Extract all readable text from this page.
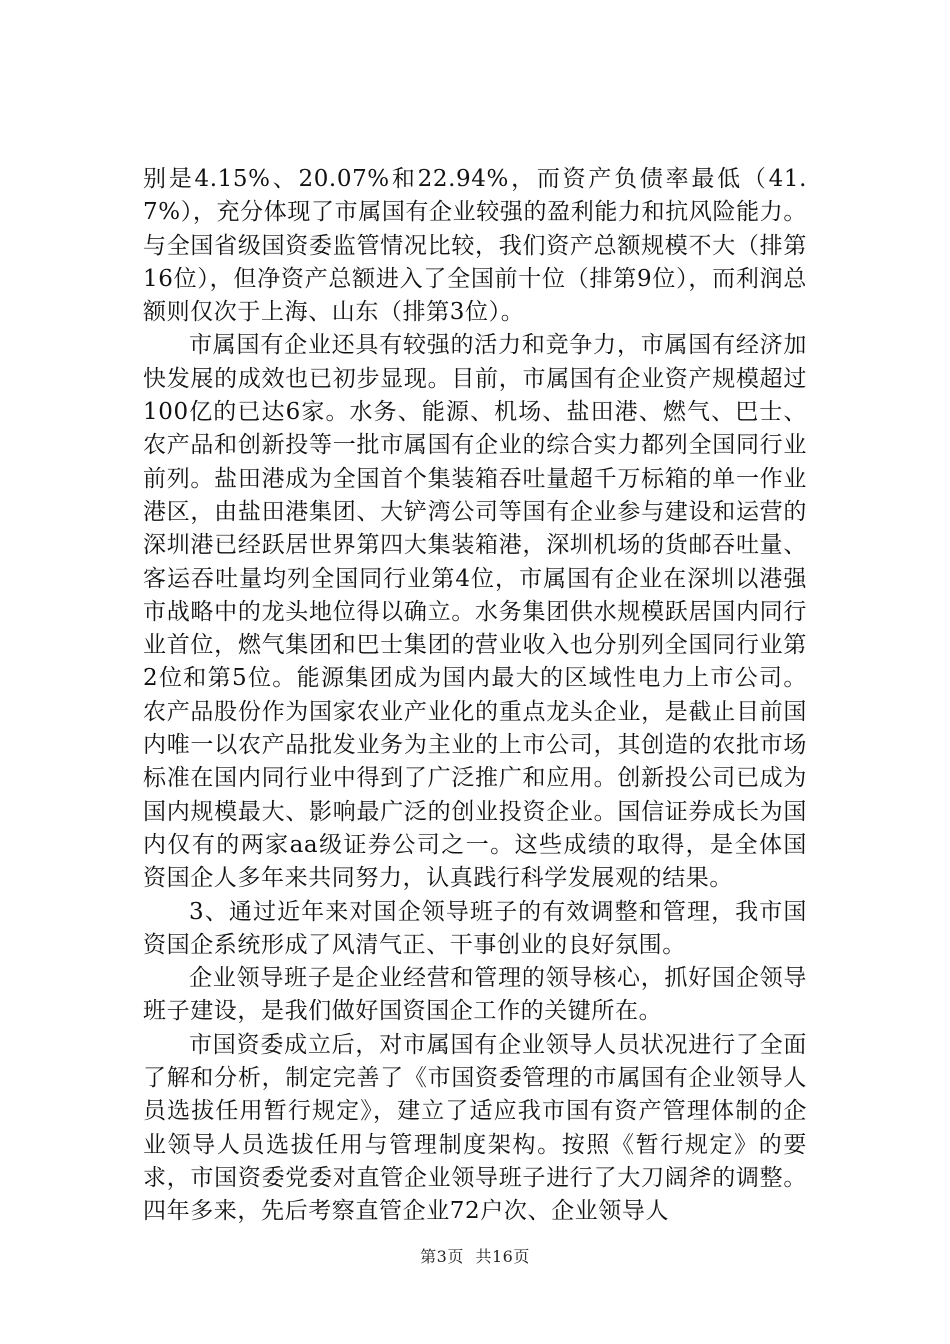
别是4.15%、20.07%和22.94%，而资产负债率最低（41.7%），充分体现了市属国有企业较强的盈利能力和抗风险能力。与全国省级国资委监管情况比较，我们资产总额规模不大（排第16位），但净资产总额进入了全国前十位（排第9位），而利润总额则仅次于上海、山东（排第3位）。

市属国有企业还具有较强的活力和竞争力，市属国有经济加快发展的成效也已初步显现。目前，市属国有企业资产规模超过100亿的已达6家。水务、能源、机场、盐田港、燃气、巴士、农产品和创新投等一批市属国有企业的综合实力都列全国同行业前列。盐田港成为全国首个集装箱吞吐量超千万标箱的单一作业港区，由盐田港集团、大铲湾公司等国有企业参与建设和运营的深圳港已经跃居世界第四大集装箱港，深圳机场的货邮吞吐量、客运吞吐量均列全国同行业第4位，市属国有企业在深圳以港强市战略中的龙头地位得以确立。水务集团供水规模跃居国内同行业首位，燃气集团和巴士集团的营业收入也分别列全国同行业第2位和第5位。能源集团成为国内最大的区域性电力上市公司。农产品股份作为国家农业产业化的重点龙头企业，是截止目前国内唯一以农产品批发业务为主业的上市公司，其创造的农批市场标准在国内同行业中得到了广泛推广和应用。创新投公司已成为国内规模最大、影响最广泛的创业投资企业。国信证券成长为国内仅有的两家aa级证券公司之一。这些成绩的取得，是全体国资国企人多年来共同努力，认真践行科学发展观的结果。

3、通过近年来对国企领导班子的有效调整和管理，我市国资国企系统形成了风清气正、干事创业的良好氛围。

企业领导班子是企业经营和管理的领导核心，抓好国企领导班子建设，是我们做好国资国企工作的关键所在。

市国资委成立后，对市属国有企业领导人员状况进行了全面了解和分析，制定完善了《市国资委管理的市属国有企业领导人员选拔任用暂行规定》，建立了适应我市国有资产管理体制的企业领导人员选拔任用与管理制度架构。按照《暂行规定》的要求，市国资委党委对直管企业领导班子进行了大刀阔斧的调整。四年多来，先后考察直管企业72户次、企业领导人

第3页 共16页
